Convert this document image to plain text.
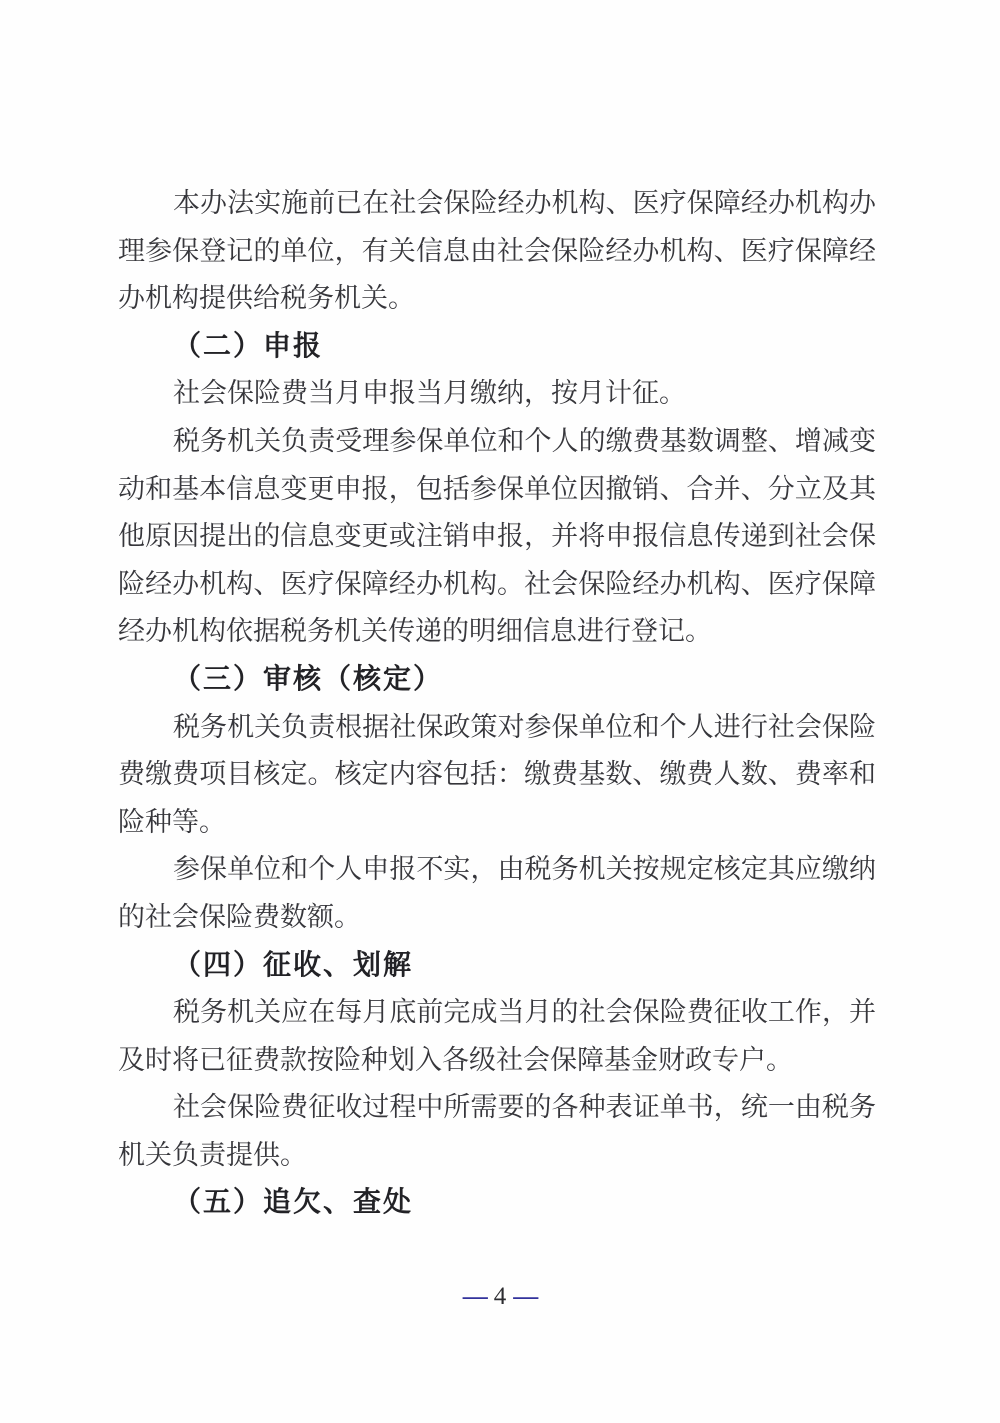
本办法实施前已在社会保险经办机构、医疗保障经办机构办
理参保登记的单位，有关信息由社会保险经办机构、医疗保障经
办机构提供给税务机关。
（二）申报
社会保险费当月申报当月缴纳，按月计征。
税务机关负责受理参保单位和个人的缴费基数调整、增减变
动和基本信息变更申报，包括参保单位因撤销、合并、分立及其
他原因提出的信息变更或注销申报，并将申报信息传递到社会保
险经办机构、医疗保障经办机构。社会保险经办机构、医疗保障
经办机构依据税务机关传递的明细信息进行登记。
（三）审核（核定）
税务机关负责根据社保政策对参保单位和个人进行社会保险
费缴费项目核定。核定内容包括：缴费基数、缴费人数、费率和
险种等。
参保单位和个人申报不实，由税务机关按规定核定其应缴纳
的社会保险费数额。
（四）征收、划解
税务机关应在每月底前完成当月的社会保险费征收工作，并
及时将已征费款按险种划入各级社会保障基金财政专户。
社会保险费征收过程中所需要的各种表证单书，统一由税务
机关负责提供。
（五）追欠、查处
— 4 —
